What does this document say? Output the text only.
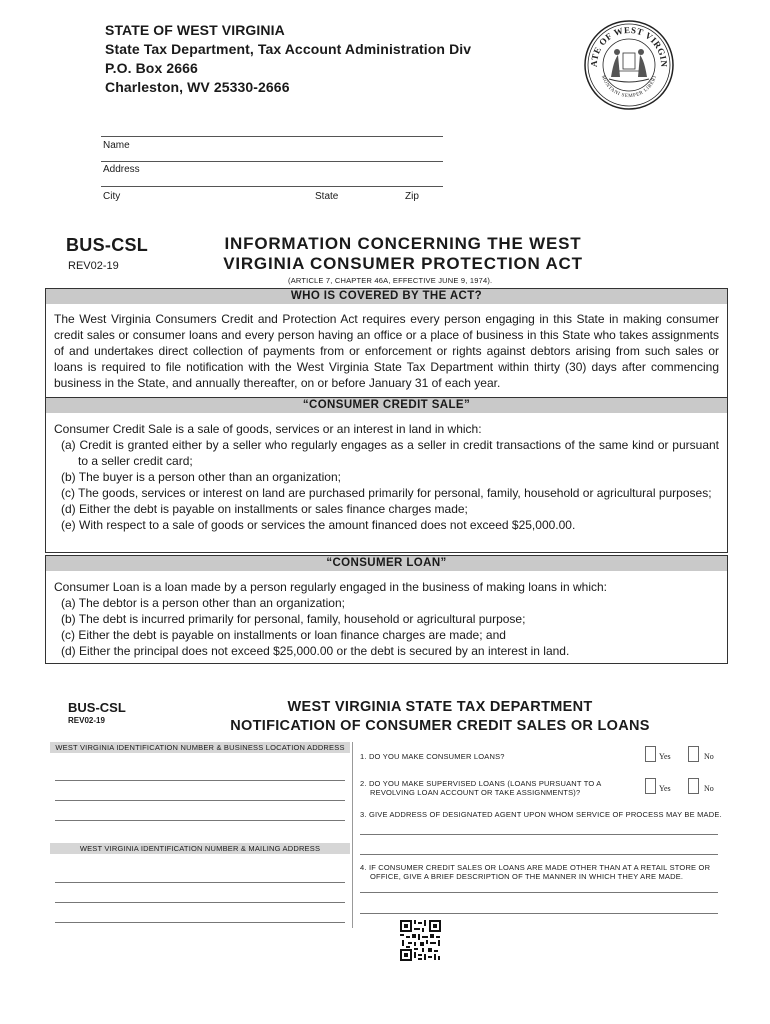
STATE OF WEST VIRGINIA
State Tax Department, Tax Account Administration Div
P.O. Box 2666
Charleston, WV 25330-2666
ATE OF WEST VIRGIN
MONTANI SEMPER LIBERI
Name
Address
City	State	Zip
BUS-CSL
REV02-19
INFORMATION CONCERNING THE WEST
VIRGINIA CONSUMER PROTECTION ACT
(ARTICLE 7, CHAPTER 46A, EFFECTIVE JUNE 9, 1974).
WHO IS COVERED BY THE ACT?
The West Virginia Consumers Credit and Protection Act requires every person engaging in this State in making consumer credit sales or consumer loans and every person having an office or a place of business in this State who takes assignments of and undertakes direct collection of payments from or enforcement or rights against debtors arising from such sales or loans is required to file notification with the West Virginia State Tax Department within thirty (30) days after commencing business in the State, and annually thereafter, on or before January 31 of each year.
“CONSUMER CREDIT SALE”
Consumer Credit Sale is a sale of goods, services or an interest in land in which:
(a) Credit is granted either by a seller who regularly engages as a seller in credit transactions of the same kind or pursuant to a seller credit card;
(b) The buyer is a person other than an organization;
(c) The goods, services or interest on land are purchased primarily for personal, family, household or agricultural purposes;
(d) Either the debt is payable on installments or sales finance charges made;
(e) With respect to a sale of goods or services the amount financed does not exceed $25,000.00.
“CONSUMER LOAN”
Consumer Loan is a loan made by a person regularly engaged in the business of making loans in which:
(a) The debtor is a person other than an organization;
(b) The debt is incurred primarily for personal, family, household or agricultural purpose;
(c) Either the debt is payable on installments or loan finance charges are made; and
(d) Either the principal does not exceed $25,000.00 or the debt is secured by an interest in land.
BUS-CSL
REV02-19
WEST VIRGINIA STATE TAX DEPARTMENT
NOTIFICATION OF CONSUMER CREDIT SALES OR LOANS
WEST VIRGINIA IDENTIFICATION NUMBER & BUSINESS LOCATION ADDRESS
WEST VIRGINIA IDENTIFICATION NUMBER & MAILING ADDRESS
1. DO YOU MAKE CONSUMER LOANS?	Yes	No
2. DO YOU MAKE SUPERVISED LOANS (LOANS PURSUANT TO A
REVOLVING LOAN ACCOUNT OR TAKE ASSIGNMENTS)?	Yes	No
3. GIVE ADDRESS OF DESIGNATED AGENT UPON WHOM SERVICE OF PROCESS MAY BE MADE.
4. IF CONSUMER CREDIT SALES OR LOANS ARE MADE OTHER THAN AT A RETAIL STORE OR
OFFICE, GIVE A BRIEF DESCRIPTION OF THE MANNER IN WHICH THEY ARE MADE.
